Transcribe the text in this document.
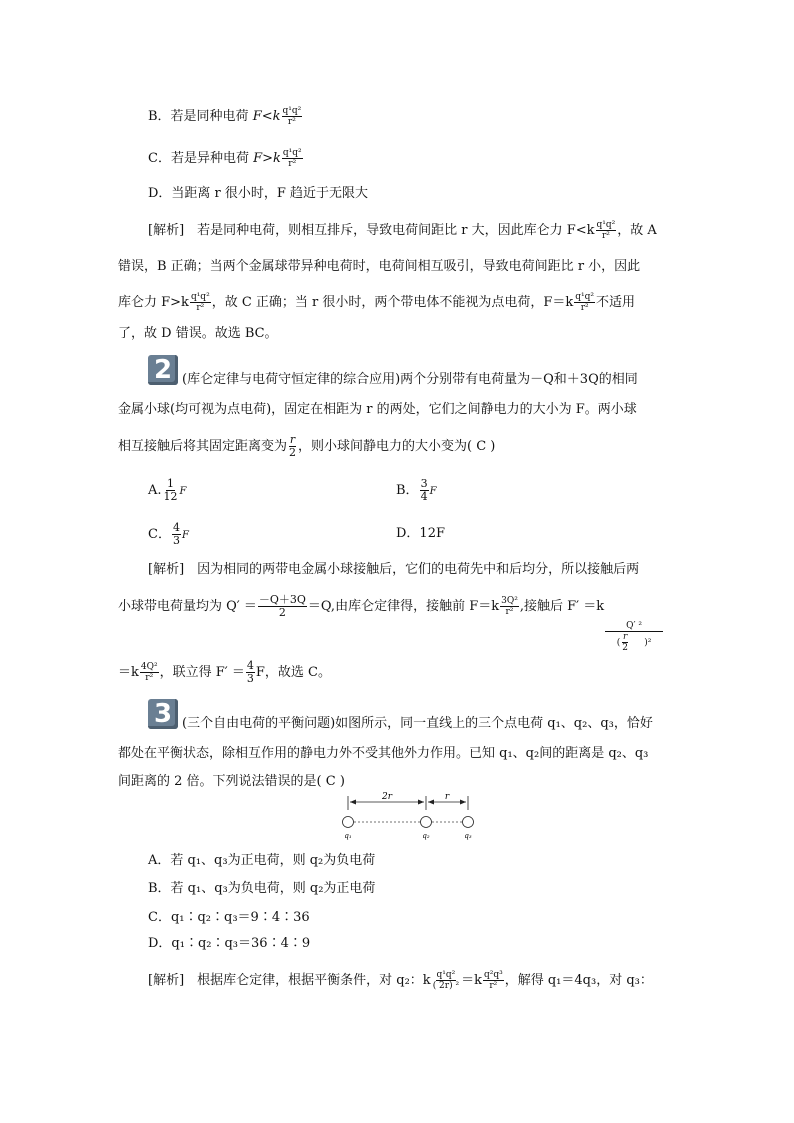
B．若是同种电荷 $F<k \frac{\text{q¹q²}}{\text{r²}}$
C．若是异种电荷 $F>k \frac{\text{q¹q²}}{\text{r²}}$
D．当距离 r 很小时，F 趋近于无限大
[解析]　若是同种电荷，则相互排斥，导致电荷间距比 r 大，因此库仑力 $F<k \frac{\text{q¹q²}}{\text{r²}}$ ，故 A
错误，B 正确；当两个金属球带异种电荷时，电荷间相互吸引，导致电荷间距比 r 小，因此
库仑力 $F>k \frac{\text{q¹q²}}{\text{r²}}$ ，故 C 正确；当 r 很小时，两个带电体不能视为点电荷，$F=k \frac{\text{q¹q²}}{\text{r²}}$ 不适用
了，故 D 错误。故选 BC。
2 (库仑定律与电荷守恒定律的综合应用)两个分别带有电荷量为－Q和＋3Q的相同
金属小球(均可视为点电荷)，固定在相距为 r 的两处，它们之间静电力的大小为 F。两小球
相互接触后将其固定距离变为 $\frac{r}{2}$ ，则小球间静电力的大小变为( C )
A. $\frac{1}{12}$ F	B． $\frac{3}{4}$ F
C． $\frac{4}{3}$ F	D．12F
[解析]　因为相同的两带电金属小球接触后，它们的电荷先中和后均分，所以接触后两
小球带电荷量均为 $Q' = \frac{-Q+3Q}{2} =Q$,由库仑定律得，接触前 $F=k \frac{\text{3Q²}}{\text{r²}}$ ,接触后 F′ ＝k
$\frac{\text{Q′ ²}}{( \frac{r}{2} )^2}$
$=k \frac{\text{4Q²}}{\text{r²}}$ ，联立得 $F' = \frac{4}{3}$ F，故选 C。
3 (三个自由电荷的平衡问题)如图所示，同一直线上的三个点电荷 q₁、q₂、q₃，恰好
都处在平衡状态，除相互作用的静电力外不受其他外力作用。已知 q₁、q₂间的距离是 q₂、q₃
间距离的 2 倍。下列说法错误的是( C )
2r	r
q₁	q₂	q₃
A．若 q₁、q₃为正电荷，则 q₂为负电荷
B．若 q₁、q₃为负电荷，则 q₂为正电荷
C．q₁∶q₂∶q₃＝9∶4∶36
D．q₁∶q₂∶q₃＝36∶4∶9
[解析]　根据库仑定律，根据平衡条件，对 q₂：k $\frac{\text{q¹q²}}{\text{( 2r) ²}} =k \frac{\text{q²q³}}{\text{r²}}$ ，解得 q₁＝4q₃，对 q₃：
